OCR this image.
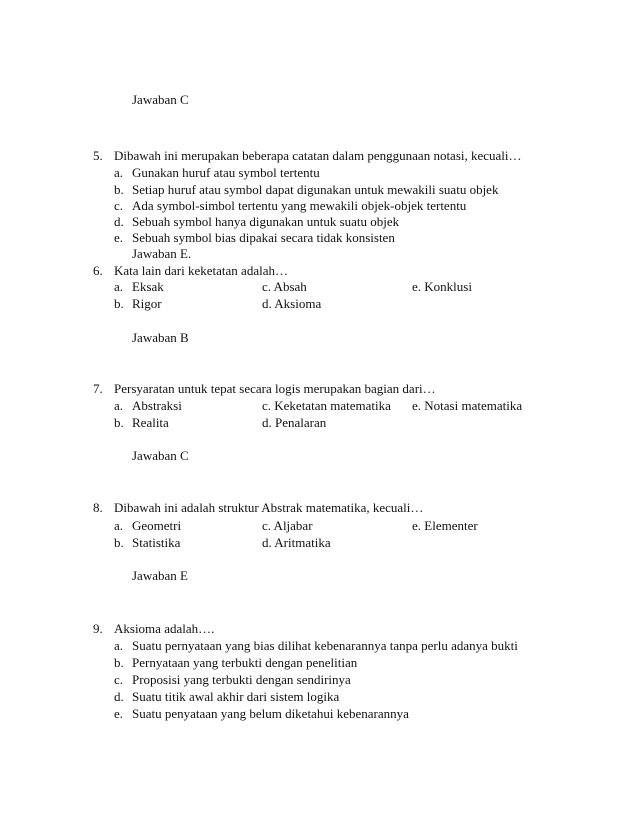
Jawaban C
5. Dibawah ini merupakan beberapa catatan dalam penggunaan notasi, kecuali…
a. Gunakan huruf atau symbol tertentu
b. Setiap huruf atau symbol dapat digunakan untuk mewakili suatu objek
c. Ada symbol-simbol tertentu yang mewakili objek-objek tertentu
d. Sebuah symbol hanya digunakan untuk suatu objek
e. Sebuah symbol bias dipakai secara tidak konsisten
Jawaban E.
6. Kata lain dari keketatan adalah…
a. Eksak	c. Absah	e. Konklusi
b. Rigor	d. Aksioma
Jawaban B
7. Persyaratan untuk tepat secara logis merupakan bagian dari…
a. Abstraksi	c. Keketatan matematika e. Notasi matematika
b. Realita	d. Penalaran
Jawaban C
8. Dibawah ini adalah struktur Abstrak matematika, kecuali…
a. Geometri	c. Aljabar	e. Elementer
b. Statistika	d. Aritmatika
Jawaban E
9. Aksioma adalah….
a. Suatu pernyataan yang bias dilihat kebenarannya tanpa perlu adanya bukti
b. Pernyataan yang terbukti dengan penelitian
c. Proposisi yang terbukti dengan sendirinya
d. Suatu titik awal akhir dari sistem logika
e. Suatu penyataan yang belum diketahui kebenarannya
